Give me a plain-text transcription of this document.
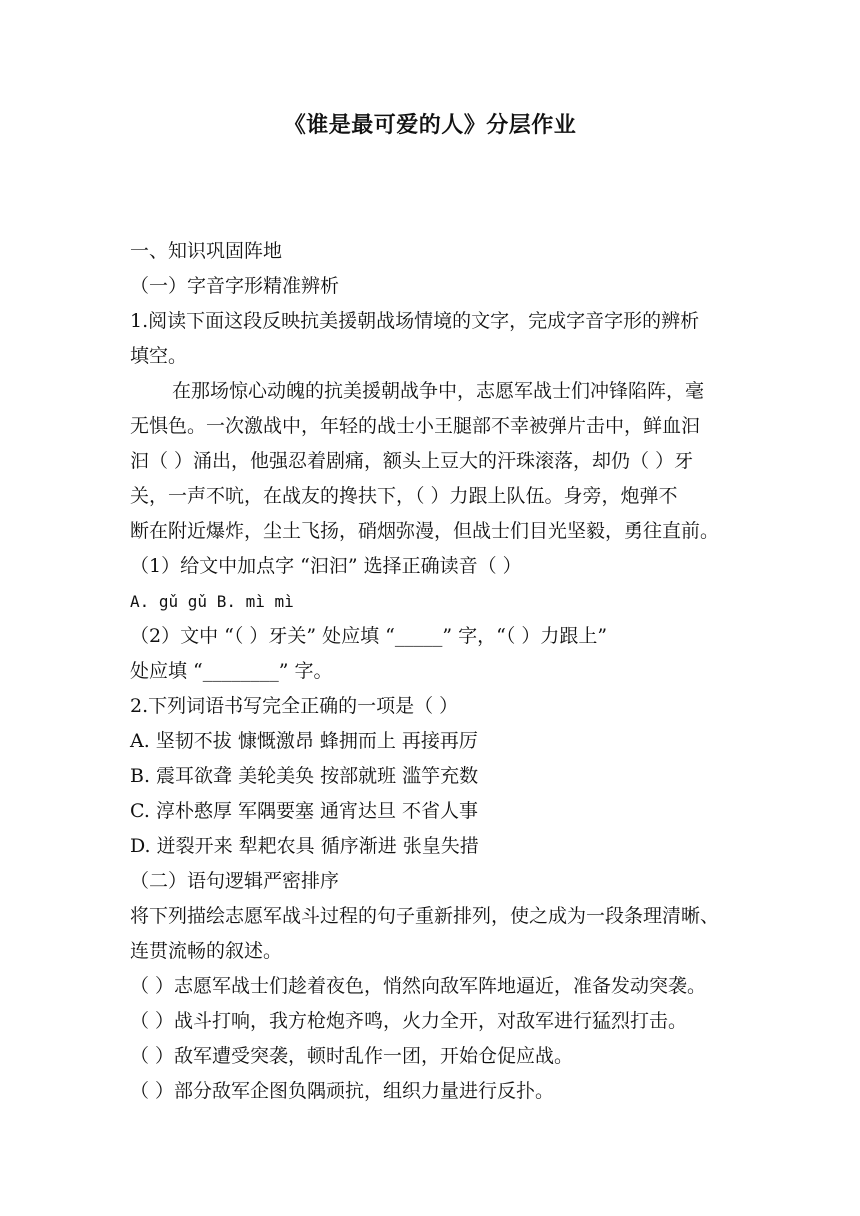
《谁是最可爱的人》分层作业
一、知识巩固阵地
（一）字音字形精准辨析
1.阅读下面这段反映抗美援朝战场情境的文字，完成字音字形的辨析
填空。
在那场惊心动魄的抗美援朝战争中，志愿军战士们冲锋陷阵，毫
无惧色。一次激战中，年轻的战士小王腿部不幸被弹片击中，鲜血汩
汩（ ）涌出，他强忍着剧痛，额头上豆大的汗珠滚落，却仍（ ）牙
关，一声不吭，在战友的搀扶下，（ ）力跟上队伍。身旁，炮弹不
断在附近爆炸，尘土飞扬，硝烟弥漫，但战士们目光坚毅，勇往直前。
（1）给文中加点字 “汩汩” 选择正确读音（ ）
A. gǔ gǔ B. mì mì
（2）文中 “（ ）牙关” 处应填 “_____” 字，“（ ）力跟上”
处应填 “________” 字。
2.下列词语书写完全正确的一项是（ ）
A. 坚韧不拔 慷慨激昂 蜂拥而上 再接再厉
B. 震耳欲聋 美轮美奂 按部就班 滥竽充数
C. 淳朴憨厚 军隅要塞 通宵达旦 不省人事
D. 迸裂开来 犁耙农具 循序渐进 张皇失措
（二）语句逻辑严密排序
将下列描绘志愿军战斗过程的句子重新排列，使之成为一段条理清晰、
连贯流畅的叙述。
（ ）志愿军战士们趁着夜色，悄然向敌军阵地逼近，准备发动突袭。
（ ）战斗打响，我方枪炮齐鸣，火力全开，对敌军进行猛烈打击。
（ ）敌军遭受突袭，顿时乱作一团，开始仓促应战。
（ ）部分敌军企图负隅顽抗，组织力量进行反扑。
